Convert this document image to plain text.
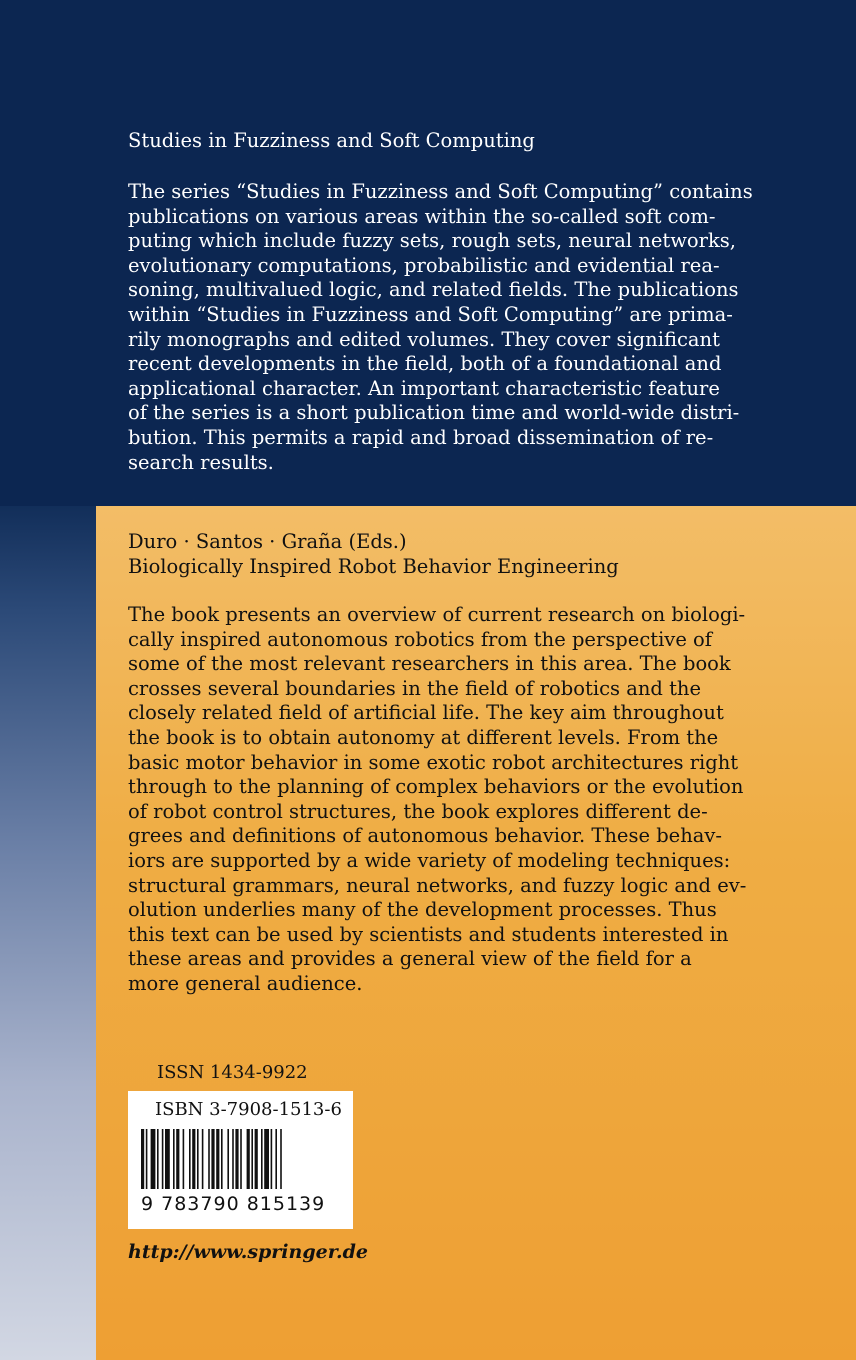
Studies in Fuzziness and Soft Computing

The series “Studies in Fuzziness and Soft Computing” contains
publications on various areas within the so-called soft com-
puting which include fuzzy sets, rough sets, neural networks,
evolutionary computations, probabilistic and evidential rea-
soning, multivalued logic, and related fields. The publications
within “Studies in Fuzziness and Soft Computing” are prima-
rily monographs and edited volumes. They cover significant
recent developments in the field, both of a foundational and
applicational character. An important characteristic feature
of the series is a short publication time and world-wide distri-
bution. This permits a rapid and broad dissemination of re-
search results.

Duro · Santos · Graña (Eds.)

Biologically Inspired Robot Behavior Engineering

The book presents an overview of current research on biologi-
cally inspired autonomous robotics from the perspective of
some of the most relevant researchers in this area. The book
crosses several boundaries in the field of robotics and the
closely related field of artificial life. The key aim throughout
the book is to obtain autonomy at different levels. From the
basic motor behavior in some exotic robot architectures right
through to the planning of complex behaviors or the evolution
of robot control structures, the book explores different de-
grees and definitions of autonomous behavior. These behav-
iors are supported by a wide variety of modeling techniques:
structural grammars, neural networks, and fuzzy logic and ev-
olution underlies many of the development processes. Thus
this text can be used by scientists and students interested in
these areas and provides a general view of the field for a
more general audience.

ISSN 1434-9922
ISBN 3-7908-1513-6
9 783790 815139
http://www.springer.de
